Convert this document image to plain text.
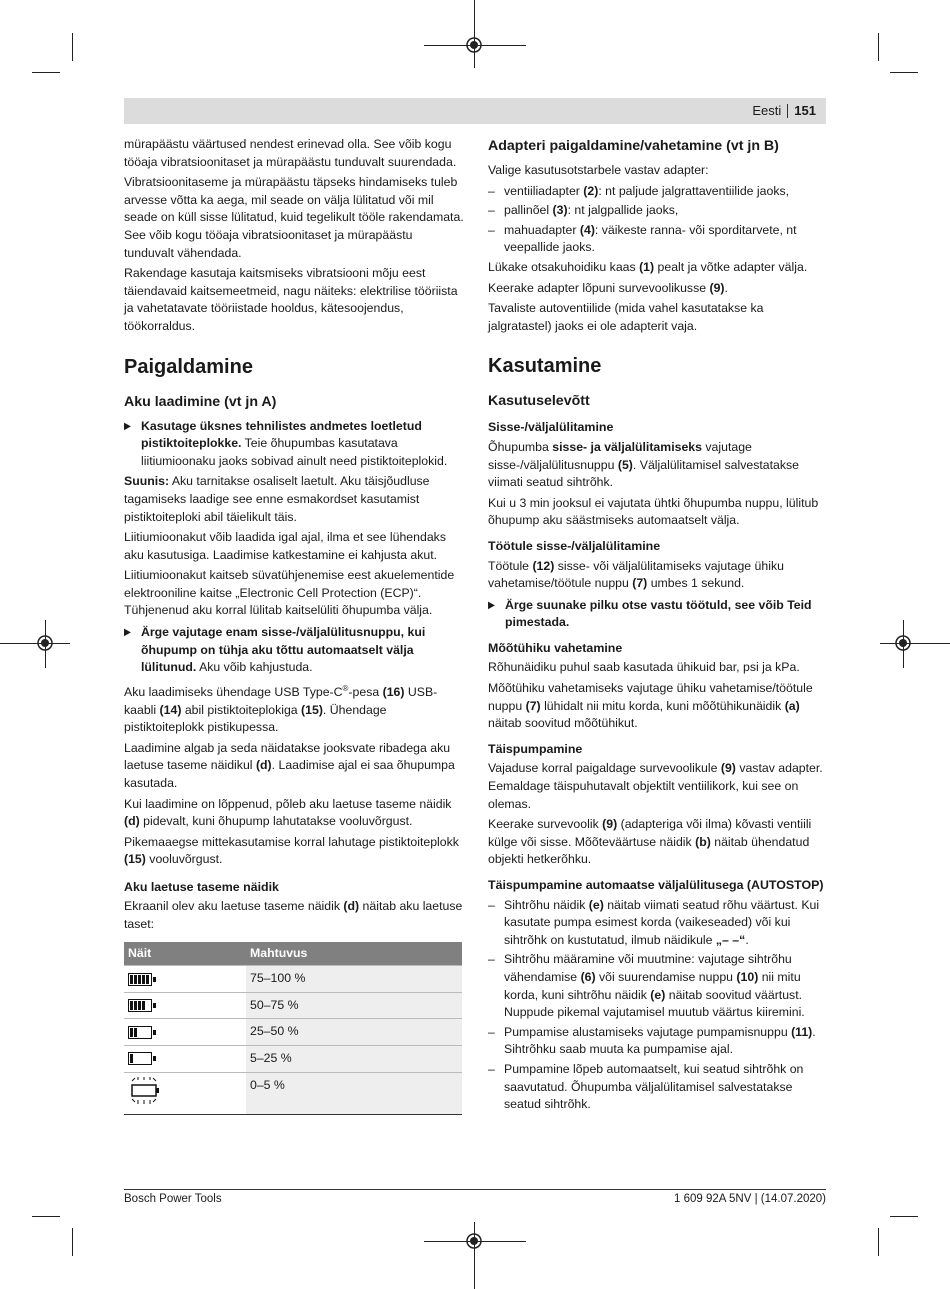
Eesti 151

mürapäästu väärtused nendest erinevad olla. See võib kogu tööaja vibratsioonitaset ja mürapäästu tunduvalt suurendada.

Vibratsioonitaseme ja mürapäästu täpseks hindamiseks tuleb arvesse võtta ka aega, mil seade on välja lülitatud või mil seade on küll sisse lülitatud, kuid tegelikult tööle rakendamata. See võib kogu tööaja vibratsioonitaset ja mürapäästu tunduvalt vähendada.

Rakendage kasutaja kaitsmiseks vibratsiooni mõju eest täiendavaid kaitsemeetmeid, nagu näiteks: elektrilise tööriista ja vahetatavate tööriistade hooldus, kätesoojendus, töökorraldus.

Paigaldamine
Aku laadimine (vt jn A)
▶ Kasutage üksnes tehnilistes andmetes loetletud pistiktoiteplokke. Teie õhupumbas kasutatava liitiumioonaku jaoks sobivad ainult need pistiktoiteplokid.

Suunis: Aku tarnitakse osaliselt laetult. Aku täisjõudluse tagamiseks laadige see enne esmakordset kasutamist pistiktoiteploki abil täielikult täis.

Liitiumioonakut võib laadida igal ajal, ilma et see lühendaks aku kasutusiga. Laadimise katkestamine ei kahjusta akut.

Liitiumioonakut kaitseb süvatühjenemise eest akuelementide elektrooniline kaitse „Electronic Cell Protection (ECP)“. Tühjenenud aku korral lülitab kaitselüliti õhupumba välja.

▶ Ärge vajutage enam sisse-/väljalülitusnuppu, kui õhupump on tühja aku tõttu automaatselt välja lülitunud. Aku võib kahjustuda.

Aku laadimiseks ühendage USB Type-C®-pesa (16) USB-kaabli (14) abil pistiktoiteplokiga (15). Ühendage pistiktoiteplokk pistikupessa.

Laadimine algab ja seda näidatakse jooksvate ribadega aku laetuse taseme näidikul (d). Laadimise ajal ei saa õhupumpa kasutada.

Kui laadimine on lõppenud, põleb aku laetuse taseme näidik (d) pidevalt, kuni õhupump lahutatakse vooluvõrgust.

Pikemaaegse mittekasutamise korral lahutage pistiktoiteplokk (15) vooluvõrgust.

Aku laetuse taseme näidik

Ekraanil olev aku laetuse taseme näidik (d) näitab aku laetuse taset:

Näit	Mahtuvus

	75–100 %

	50–75 %

	25–50 %

	5–25 %
	0–5 %
Adapteri paigaldamine/vahetamine (vt jn B)

Valige kasutusotstarbele vastav adapter:

– ventiiliadapter (2): nt paljude jalgrattaventiilide jaoks,
– pallinõel (3): nt jalgpallide jaoks,
– mahuadapter (4): väikeste ranna- või sporditarvete, nt veepallide jaoks.

Lükake otsakuhoidiku kaas (1) pealt ja võtke adapter välja.

Keerake adapter lõpuni survevoolikusse (9).

Tavaliste autoventiilide (mida vahel kasutatakse ka jalgratastel) jaoks ei ole adapterit vaja.

Kasutamine
Kasutuselevõtt
Sisse-/väljalülitamine

Õhupumba sisse- ja väljalülitamiseks vajutage sisse-/väljalülitusnuppu (5). Väljalülitamisel salvestatakse viimati seatud sihtrõhk.

Kui u 3 min jooksul ei vajutata ühtki õhupumba nuppu, lülitub õhupump aku säästmiseks automaatselt välja.

Töötule sisse-/väljalülitamine

Töötule (12) sisse- või väljalülitamiseks vajutage ühiku vahetamise/töötule nuppu (7) umbes 1 sekund.

▶ Ärge suunake pilku otse vastu töötuld, see võib Teid pimestada.
Mõõtühiku vahetamine

Rõhunäidiku puhul saab kasutada ühikuid bar, psi ja kPa.

Mõõtühiku vahetamiseks vajutage ühiku vahetamise/töötule nuppu (7) lühidalt nii mitu korda, kuni mõõtühikunäidik (a) näitab soovitud mõõtühikut.

Täispumpamine

Vajaduse korral paigaldage survevoolikule (9) vastav adapter. Eemaldage täispuhutavalt objektilt ventiilikork, kui see on olemas.

Keerake survevoolik (9) (adapteriga või ilma) kõvasti ventiili külge või sisse. Mõõteväärtuse näidik (b) näitab ühendatud objekti hetkerõhku.

Täispumpamine automaatse väljalülitusega (AUTOSTOP)
– Sihtrõhu näidik (e) näitab viimati seatud rõhu väärtust. Kui kasutate pumpa esimest korda (vaikeseaded) või kui sihtrõhk on kustutatud, ilmub näidikule „– –“.
– Sihtrõhu määramine või muutmine: vajutage sihtrõhu vähendamise (6) või suurendamise nuppu (10) nii mitu korda, kuni sihtrõhu näidik (e) näitab soovitud väärtust. Nuppude pikemal vajutamisel muutub väärtus kiiremini.
– Pumpamise alustamiseks vajutage pumpamisnuppu (11). Sihtrõhku saab muuta ka pumpamise ajal.
– Pumpamine lõpeb automaatselt, kui seatud sihtrõhk on saavutatud. Õhupumba väljalülitamisel salvestatakse seatud sihtrõhk.
Bosch Power Tools	1 609 92A 5NV | (14.07.2020)
